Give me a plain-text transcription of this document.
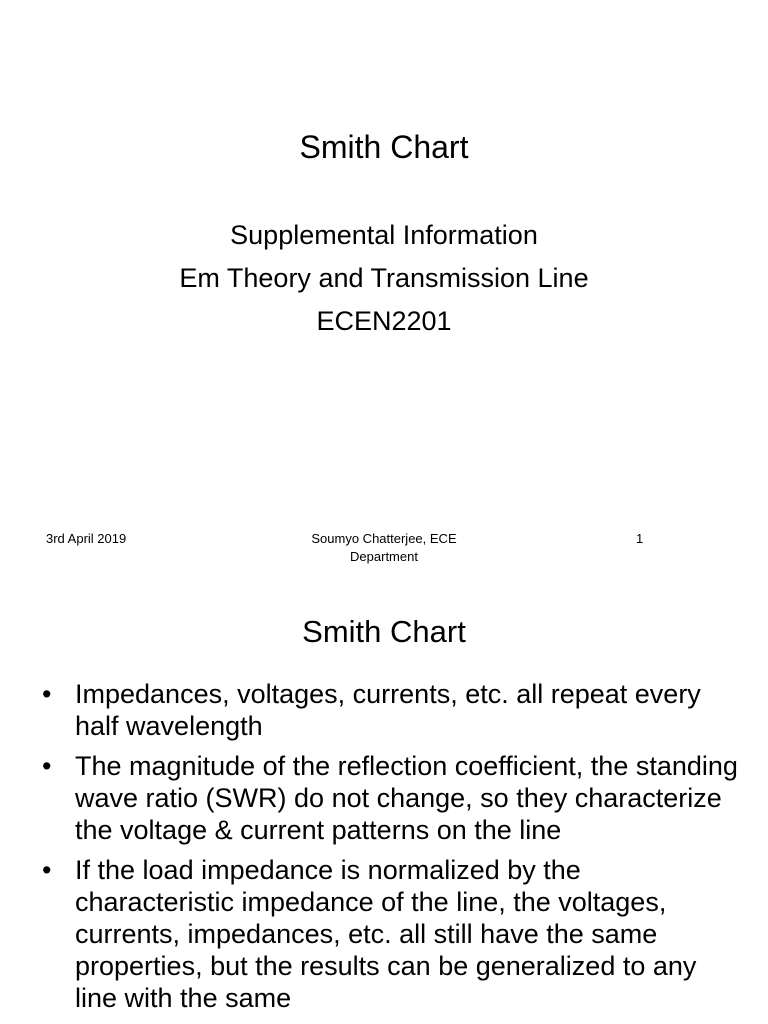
Smith Chart
Supplemental Information
Em Theory and Transmission Line
ECEN2201
3rd April 2019	Soumyo Chatterjee, ECE Department
1
Smith Chart
• Impedances, voltages, currents, etc. all repeat every half wavelength
• The magnitude of the reflection coefficient, the standing wave ratio (SWR) do not change, so they characterize the voltage & current patterns on the line
• If the load impedance is normalized by the characteristic impedance of the line, the voltages, currents, impedances, etc. all still have the same properties, but the results can be generalized to any line with the same
